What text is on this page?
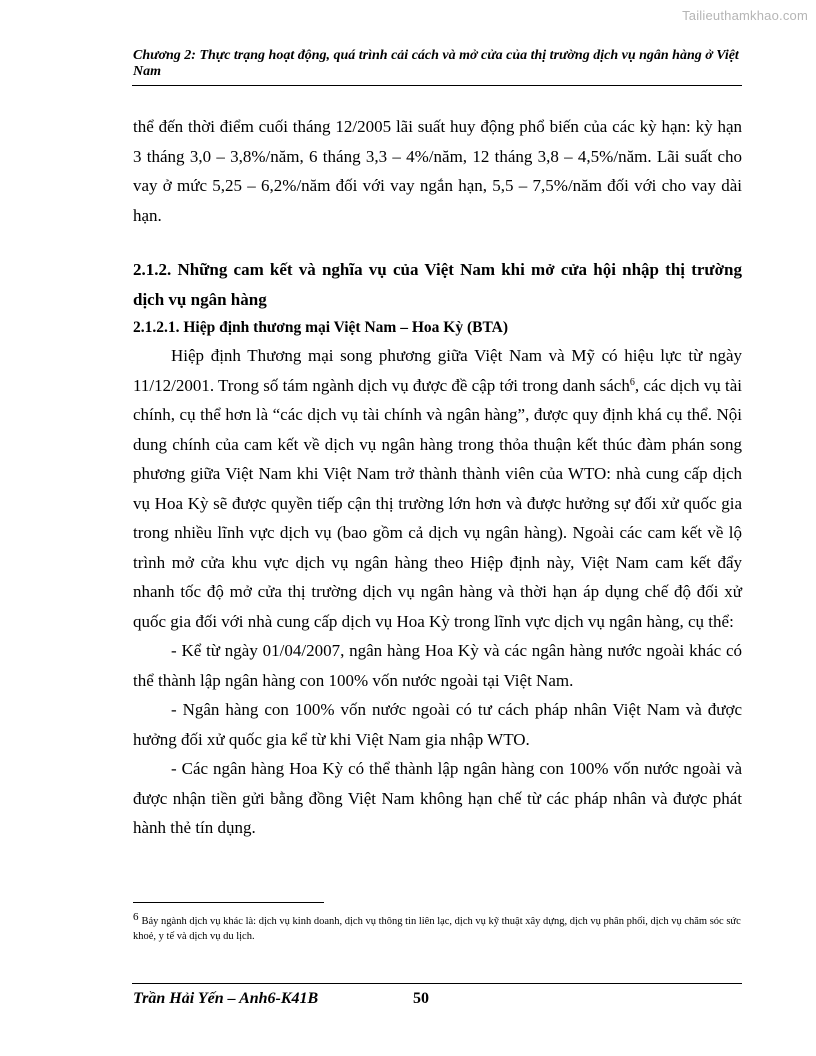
Tailieuthamkhao.com
Chương 2: Thực trạng hoạt động, quá trình cải cách và mở cửa của thị trường dịch vụ ngân hàng ở Việt Nam

thể đến thời điểm cuối tháng 12/2005 lãi suất huy động phổ biến của các kỳ hạn: kỳ hạn 3 tháng 3,0 – 3,8%/năm, 6 tháng 3,3 – 4%/năm, 12 tháng 3,8 – 4,5%/năm. Lãi suất cho vay ở mức 5,25 – 6,2%/năm đối với vay ngắn hạn, 5,5 – 7,5%/năm đối với cho vay dài hạn.

2.1.2. Những cam kết và nghĩa vụ của Việt Nam khi mở cửa hội nhập thị trường dịch vụ ngân hàng

2.1.2.1. Hiệp định thương mại Việt Nam – Hoa Kỳ (BTA)

Hiệp định Thương mại song phương giữa Việt Nam và Mỹ có hiệu lực từ ngày 11/12/2001. Trong số tám ngành dịch vụ được đề cập tới trong danh sách$^6$, các dịch vụ tài chính, cụ thể hơn là “các dịch vụ tài chính và ngân hàng”, được quy định khá cụ thể. Nội dung chính của cam kết về dịch vụ ngân hàng trong thỏa thuận kết thúc đàm phán song phương giữa Việt Nam khi Việt Nam trở thành thành viên của WTO: nhà cung cấp dịch vụ Hoa Kỳ sẽ được quyền tiếp cận thị trường lớn hơn và được hưởng sự đối xử quốc gia trong nhiều lĩnh vực dịch vụ (bao gồm cả dịch vụ ngân hàng). Ngoài các cam kết về lộ trình mở cửa khu vực dịch vụ ngân hàng theo Hiệp định này, Việt Nam cam kết đẩy nhanh tốc độ mở cửa thị trường dịch vụ ngân hàng và thời hạn áp dụng chế độ đối xử quốc gia đối với nhà cung cấp dịch vụ Hoa Kỳ trong lĩnh vực dịch vụ ngân hàng, cụ thể:

- Kể từ ngày 01/04/2007, ngân hàng Hoa Kỳ và các ngân hàng nước ngoài khác có thể thành lập ngân hàng con 100% vốn nước ngoài tại Việt Nam.

- Ngân hàng con 100% vốn nước ngoài có tư cách pháp nhân Việt Nam và được hưởng đối xử quốc gia kể từ khi Việt Nam gia nhập WTO.

- Các ngân hàng Hoa Kỳ có thể thành lập ngân hàng con 100% vốn nước ngoài và được nhận tiền gửi bằng đồng Việt Nam không hạn chế từ các pháp nhân và được phát hành thẻ tín dụng.

6 Bảy ngành dịch vụ khác là: dịch vụ kinh doanh, dịch vụ thông tin liên lạc, dịch vụ kỹ thuật xây dựng, dịch vụ phân phối, dịch vụ chăm sóc sức khoẻ, y tế và dịch vụ du lịch.
Trần Hải Yến – Anh6-K41B	50
